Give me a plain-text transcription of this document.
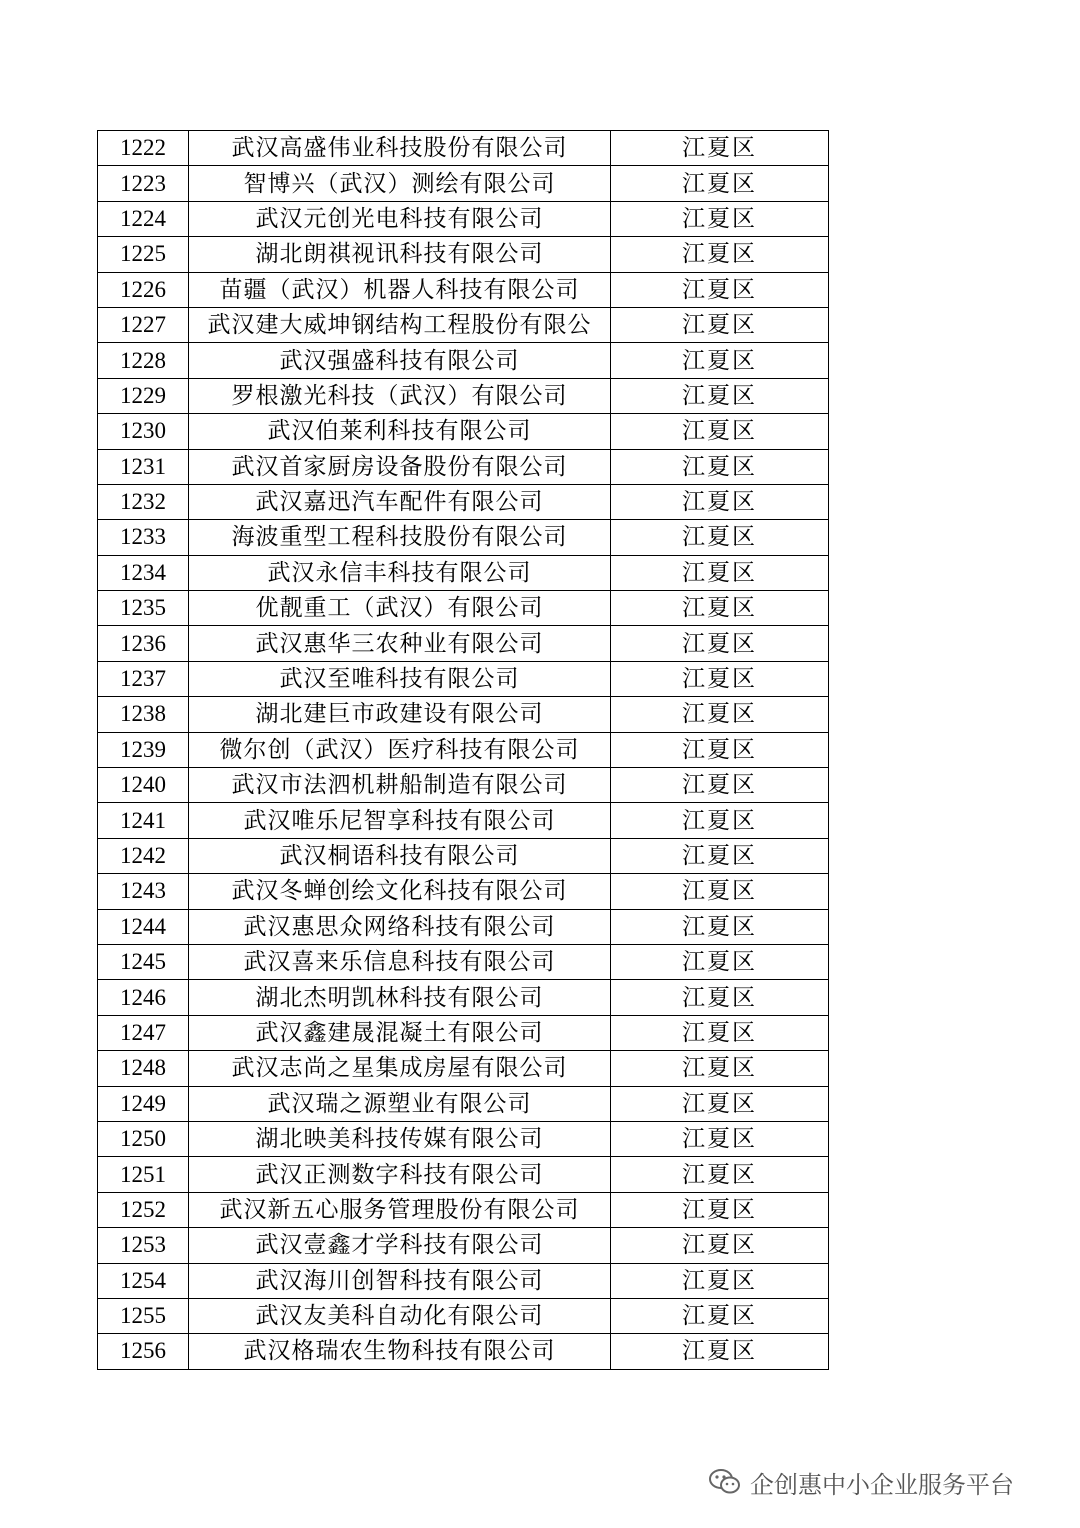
1222	武汉高盛伟业科技股份有限公司	江夏区
1223	智博兴（武汉）测绘有限公司	江夏区
1224	武汉元创光电科技有限公司	江夏区
1225	湖北朗祺视讯科技有限公司	江夏区
1226	苗疆（武汉）机器人科技有限公司	江夏区
1227	武汉建大威坤钢结构工程股份有限公	江夏区
1228	武汉强盛科技有限公司	江夏区
1229	罗根激光科技（武汉）有限公司	江夏区
1230	武汉伯莱利科技有限公司	江夏区
1231	武汉首家厨房设备股份有限公司	江夏区
1232	武汉嘉迅汽车配件有限公司	江夏区
1233	海波重型工程科技股份有限公司	江夏区
1234	武汉永信丰科技有限公司	江夏区
1235	优靓重工（武汉）有限公司	江夏区
1236	武汉惠华三农种业有限公司	江夏区
1237	武汉至唯科技有限公司	江夏区
1238	湖北建巨市政建设有限公司	江夏区
1239	微尔创（武汉）医疗科技有限公司	江夏区
1240	武汉市法泗机耕船制造有限公司	江夏区
1241	武汉唯乐尼智享科技有限公司	江夏区
1242	武汉桐语科技有限公司	江夏区
1243	武汉冬蝉创绘文化科技有限公司	江夏区
1244	武汉惠思众网络科技有限公司	江夏区
1245	武汉喜来乐信息科技有限公司	江夏区
1246	湖北杰明凯林科技有限公司	江夏区
1247	武汉鑫建晟混凝土有限公司	江夏区
1248	武汉志尚之星集成房屋有限公司	江夏区
1249	武汉瑞之源塑业有限公司	江夏区
1250	湖北映美科技传媒有限公司	江夏区
1251	武汉正测数字科技有限公司	江夏区
1252	武汉新五心服务管理股份有限公司	江夏区
1253	武汉壹鑫才学科技有限公司	江夏区
1254	武汉海川创智科技有限公司	江夏区
1255	武汉友美科自动化有限公司	江夏区
1256	武汉格瑞农生物科技有限公司	江夏区
企创惠中小企业服务平台
